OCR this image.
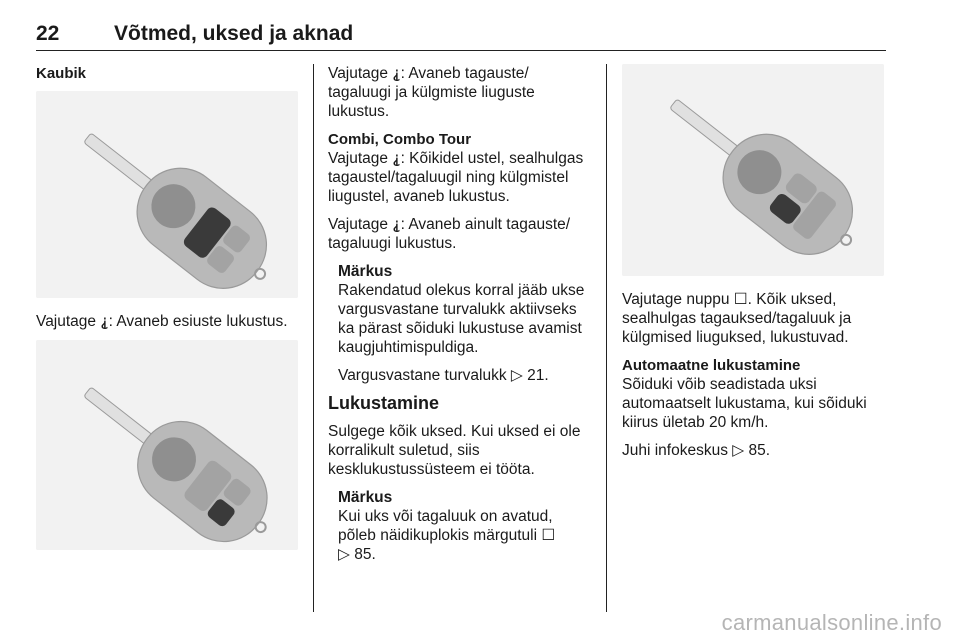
22	Võtmed, uksed ja aknad

Kaubik

Vajutage ⸘: Avaneb esiuste lukustus.

Vajutage ⸘: Avaneb tagauste/ tagaluugi ja külgmiste liuguste lukustus.

Combi, Combo Tour

Vajutage ⸘: Kõikidel ustel, sealhulgas tagaustel/tagaluugil ning külgmistel liugustel, avaneb lukustus.

Vajutage ⸘: Avaneb ainult tagauste/ tagaluugi lukustus.

Märkus

Rakendatud olekus korral jääb ukse vargusvastane turvalukk aktiivseks ka pärast sõiduki lukustuse avamist kaugjuhtimispuldiga.

Vargusvastane turvalukk ▷ 21.

Lukustamine

Sulgege kõik uksed. Kui uksed ei ole korralikult suletud, siis kesklukustussüsteem ei tööta.

Märkus

Kui uks või tagaluuk on avatud, põleb näidikuplokis märgutuli ☐

▷ 85.

Vajutage nuppu ☐. Kõik uksed, sealhulgas tagauksed/tagaluuk ja külgmised liuguksed, lukustuvad.

Automaatne lukustamine

Sõiduki võib seadistada uksi automaatselt lukustama, kui sõiduki kiirus ületab 20 km/h.

Juhi infokeskus ▷ 85.

carmanualsonline.info
